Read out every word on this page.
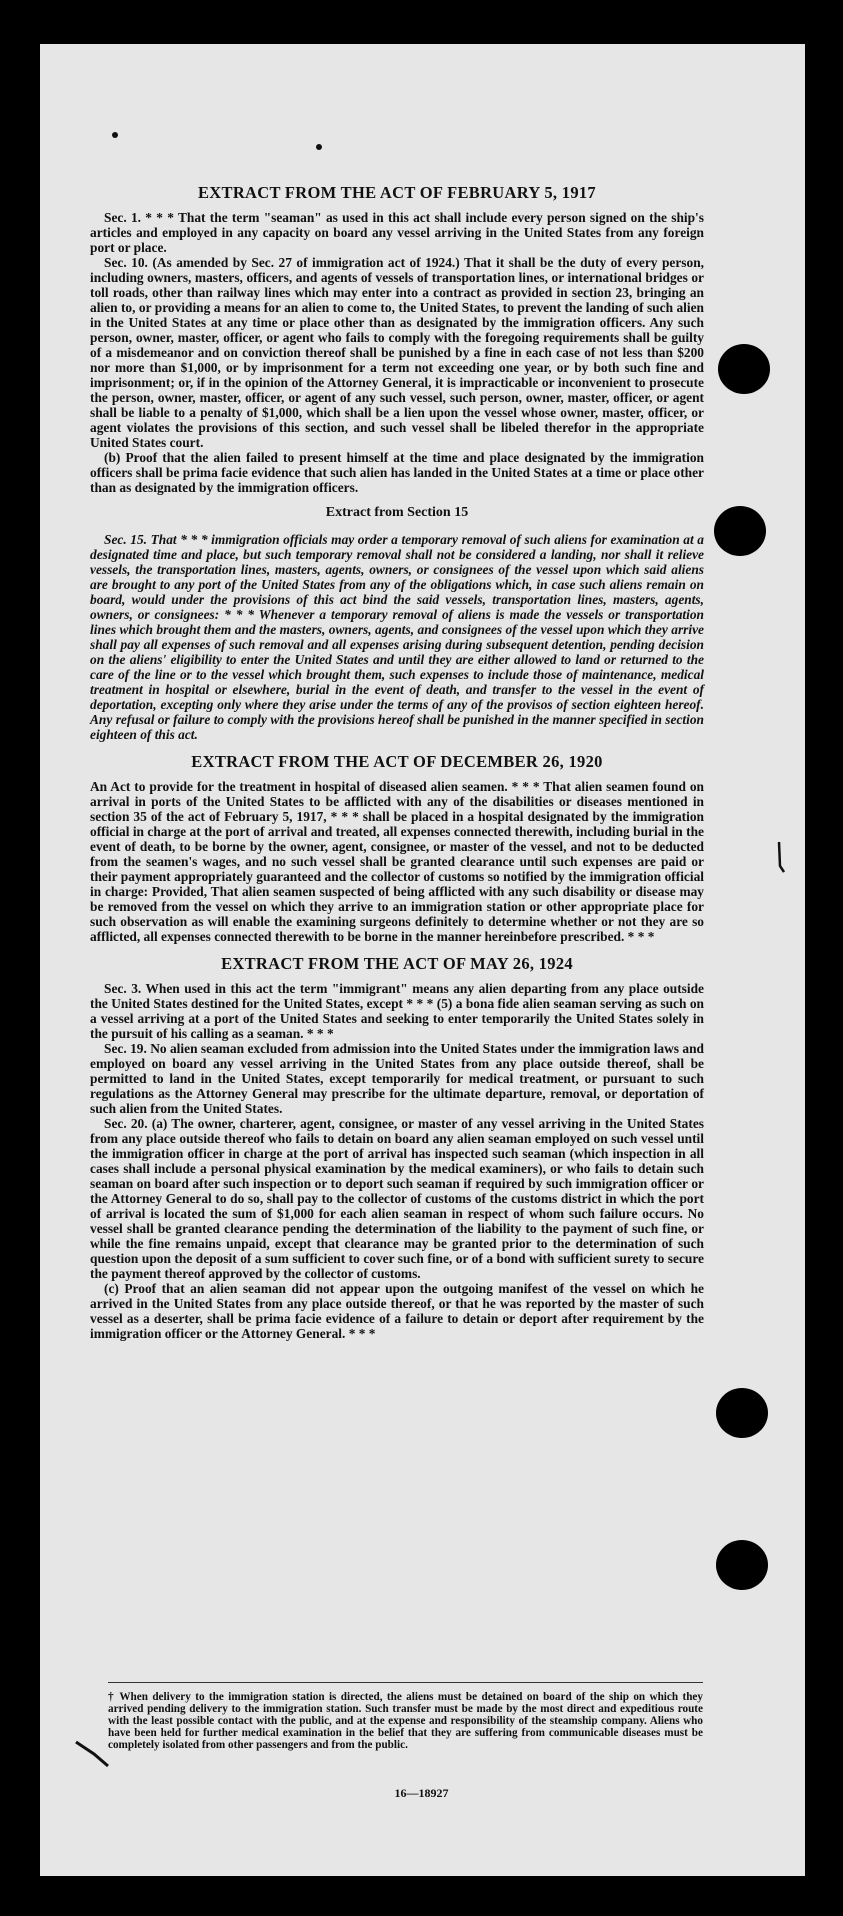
EXTRACT FROM THE ACT OF FEBRUARY 5, 1917

Sec. 1. * * * That the term "seaman" as used in this act shall include every person signed on the ship's articles and employed in any capacity on board any vessel arriving in the United States from any foreign port or place.

Sec. 10. (As amended by Sec. 27 of immigration act of 1924.) That it shall be the duty of every person, including owners, masters, officers, and agents of vessels of transportation lines, or international bridges or toll roads, other than railway lines which may enter into a contract as provided in section 23, bringing an alien to, or providing a means for an alien to come to, the United States, to prevent the landing of such alien in the United States at any time or place other than as designated by the immigration officers. Any such person, owner, master, officer, or agent who fails to comply with the foregoing requirements shall be guilty of a misdemeanor and on conviction thereof shall be punished by a fine in each case of not less than $200 nor more than $1,000, or by imprisonment for a term not exceeding one year, or by both such fine and imprisonment; or, if in the opinion of the Attorney General, it is impracticable or inconvenient to prosecute the person, owner, master, officer, or agent of any such vessel, such person, owner, master, officer, or agent shall be liable to a penalty of $1,000, which shall be a lien upon the vessel whose owner, master, officer, or agent violates the provisions of this section, and such vessel shall be libeled therefor in the appropriate United States court.

(b) Proof that the alien failed to present himself at the time and place designated by the immigration officers shall be prima facie evidence that such alien has landed in the United States at a time or place other than as designated by the immigration officers.

Extract from Section 15

Sec. 15. That * * * immigration officials may order a temporary removal of such aliens for examination at a designated time and place, but such temporary removal shall not be considered a landing, nor shall it relieve vessels, the transportation lines, masters, agents, owners, or consignees of the vessel upon which said aliens are brought to any port of the United States from any of the obligations which, in case such aliens remain on board, would under the provisions of this act bind the said vessels, transportation lines, masters, agents, owners, or consignees: * * * Whenever a temporary removal of aliens is made the vessels or transportation lines which brought them and the masters, owners, agents, and consignees of the vessel upon which they arrive shall pay all expenses of such removal and all expenses arising during subsequent detention, pending decision on the aliens' eligibility to enter the United States and until they are either allowed to land or returned to the care of the line or to the vessel which brought them, such expenses to include those of maintenance, medical treatment in hospital or elsewhere, burial in the event of death, and transfer to the vessel in the event of deportation, excepting only where they arise under the terms of any of the provisos of section eighteen hereof. Any refusal or failure to comply with the provisions hereof shall be punished in the manner specified in section eighteen of this act.

EXTRACT FROM THE ACT OF DECEMBER 26, 1920

An Act to provide for the treatment in hospital of diseased alien seamen. * * * That alien seamen found on arrival in ports of the United States to be afflicted with any of the disabilities or diseases mentioned in section 35 of the act of February 5, 1917, * * * shall be placed in a hospital designated by the immigration official in charge at the port of arrival and treated, all expenses connected therewith, including burial in the event of death, to be borne by the owner, agent, consignee, or master of the vessel, and not to be deducted from the seamen's wages, and no such vessel shall be granted clearance until such expenses are paid or their payment appropriately guaranteed and the collector of customs so notified by the immigration official in charge: Provided, That alien seamen suspected of being afflicted with any such disability or disease may be removed from the vessel on which they arrive to an immigration station or other appropriate place for such observation as will enable the examining surgeons definitely to determine whether or not they are so afflicted, all expenses connected therewith to be borne in the manner hereinbefore prescribed. * * *

EXTRACT FROM THE ACT OF MAY 26, 1924

Sec. 3. When used in this act the term "immigrant" means any alien departing from any place outside the United States destined for the United States, except * * * (5) a bona fide alien seaman serving as such on a vessel arriving at a port of the United States and seeking to enter temporarily the United States solely in the pursuit of his calling as a seaman. * * *

Sec. 19. No alien seaman excluded from admission into the United States under the immigration laws and employed on board any vessel arriving in the United States from any place outside thereof, shall be permitted to land in the United States, except temporarily for medical treatment, or pursuant to such regulations as the Attorney General may prescribe for the ultimate departure, removal, or deportation of such alien from the United States.

Sec. 20. (a) The owner, charterer, agent, consignee, or master of any vessel arriving in the United States from any place outside thereof who fails to detain on board any alien seaman employed on such vessel until the immigration officer in charge at the port of arrival has inspected such seaman (which inspection in all cases shall include a personal physical examination by the medical examiners), or who fails to detain such seaman on board after such inspection or to deport such seaman if required by such immigration officer or the Attorney General to do so, shall pay to the collector of customs of the customs district in which the port of arrival is located the sum of $1,000 for each alien seaman in respect of whom such failure occurs. No vessel shall be granted clearance pending the determination of the liability to the payment of such fine, or while the fine remains unpaid, except that clearance may be granted prior to the determination of such question upon the deposit of a sum sufficient to cover such fine, or of a bond with sufficient surety to secure the payment thereof approved by the collector of customs.

(c) Proof that an alien seaman did not appear upon the outgoing manifest of the vessel on which he arrived in the United States from any place outside thereof, or that he was reported by the master of such vessel as a deserter, shall be prima facie evidence of a failure to detain or deport after requirement by the immigration officer or the Attorney General. * * *

† When delivery to the immigration station is directed, the aliens must be detained on board of the ship on which they arrived pending delivery to the immigration station. Such transfer must be made by the most direct and expeditious route with the least possible contact with the public, and at the expense and responsibility of the steamship company. Aliens who have been held for further medical examination in the belief that they are suffering from communicable diseases must be completely isolated from other passengers and from the public.
16—18927
